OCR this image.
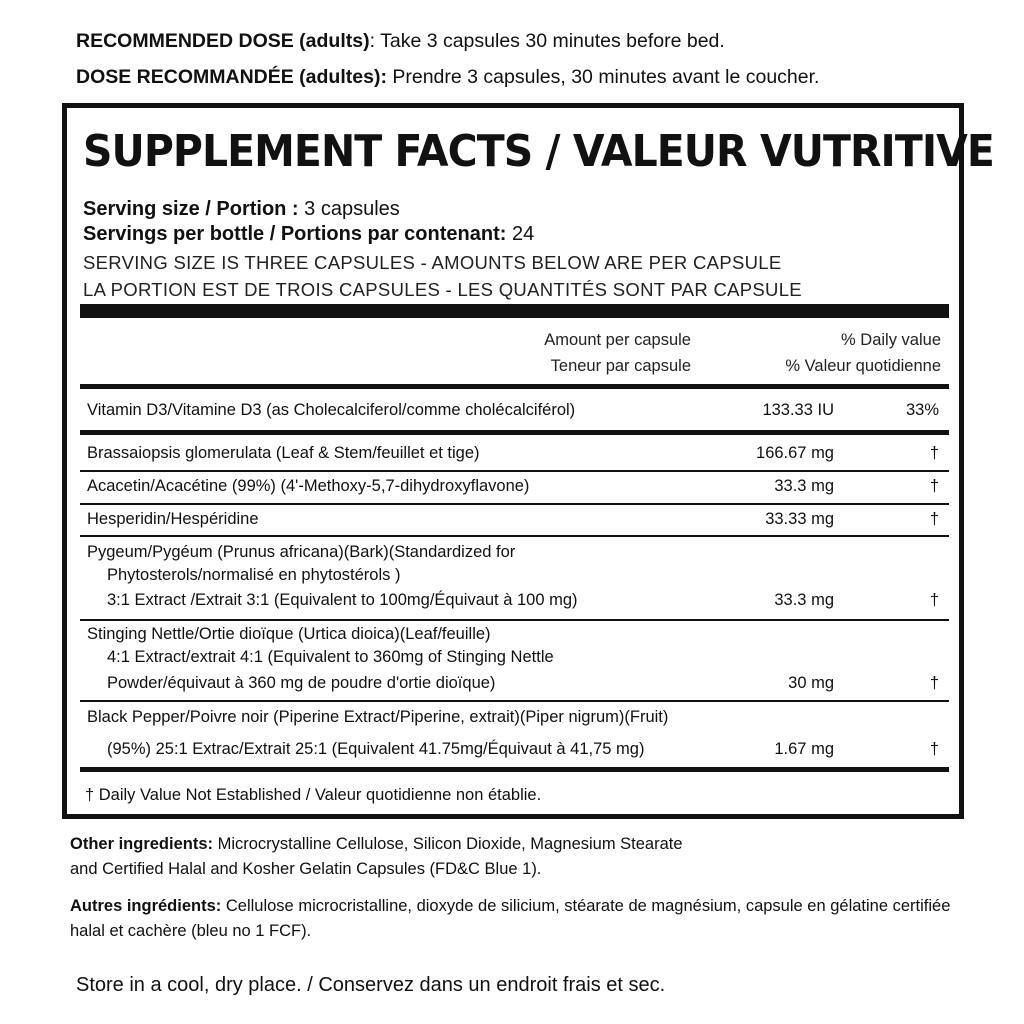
RECOMMENDED DOSE (adults): Take 3 capsules 30 minutes before bed.
DOSE RECOMMANDÉE (adultes): Prendre 3 capsules, 30 minutes avant le coucher.
SUPPLEMENT FACTS / VALEUR VUTRITIVE
Serving size / Portion : 3 capsules
Servings per bottle / Portions par contenant: 24
SERVING SIZE IS THREE CAPSULES - AMOUNTS BELOW ARE PER CAPSULE
LA PORTION EST DE TROIS CAPSULES - LES QUANTITÉS SONT PAR CAPSULE
Amount per capsule
Teneur par capsule
% Daily value
% Valeur quotidienne
Vitamin D3/Vitamine D3 (as Cholecalciferol/comme cholécalciférol)	133.33 IU	33%
Brassaiopsis glomerulata (Leaf & Stem/feuillet et tige)	166.67 mg	†
Acacetin/Acacétine (99%) (4'-Methoxy-5,7-dihydroxyflavone)	33.3 mg	†
Hesperidin/Hespéridine	33.33 mg	†
Pygeum/Pygéum (Prunus africana)(Bark)(Standardized for
Phytosterols/normalisé en phytostérols )
3:1 Extract /Extrait 3:1 (Equivalent to 100mg/Équivaut à 100 mg)	33.3 mg	†
Stinging Nettle/Ortie dioïque (Urtica dioica)(Leaf/feuille)
4:1 Extract/extrait 4:1 (Equivalent to 360mg of Stinging Nettle
Powder/équivaut à 360 mg de poudre d'ortie dioïque)	30 mg	†
Black Pepper/Poivre noir (Piperine Extract/Piperine, extrait)(Piper nigrum)(Fruit)
(95%) 25:1 Extrac/Extrait 25:1 (Equivalent 41.75mg/Équivaut à 41,75 mg)	1.67 mg	†
† Daily Value Not Established / Valeur quotidienne non établie.
Other ingredients: Microcrystalline Cellulose, Silicon Dioxide, Magnesium Stearate and Certified Halal and Kosher Gelatin Capsules (FD&C Blue 1).
Autres ingrédients: Cellulose microcristalline, dioxyde de silicium, stéarate de magnésium, capsule en gélatine certifiée halal et cachère (bleu no 1 FCF).
Store in a cool, dry place. / Conservez dans un endroit frais et sec.
